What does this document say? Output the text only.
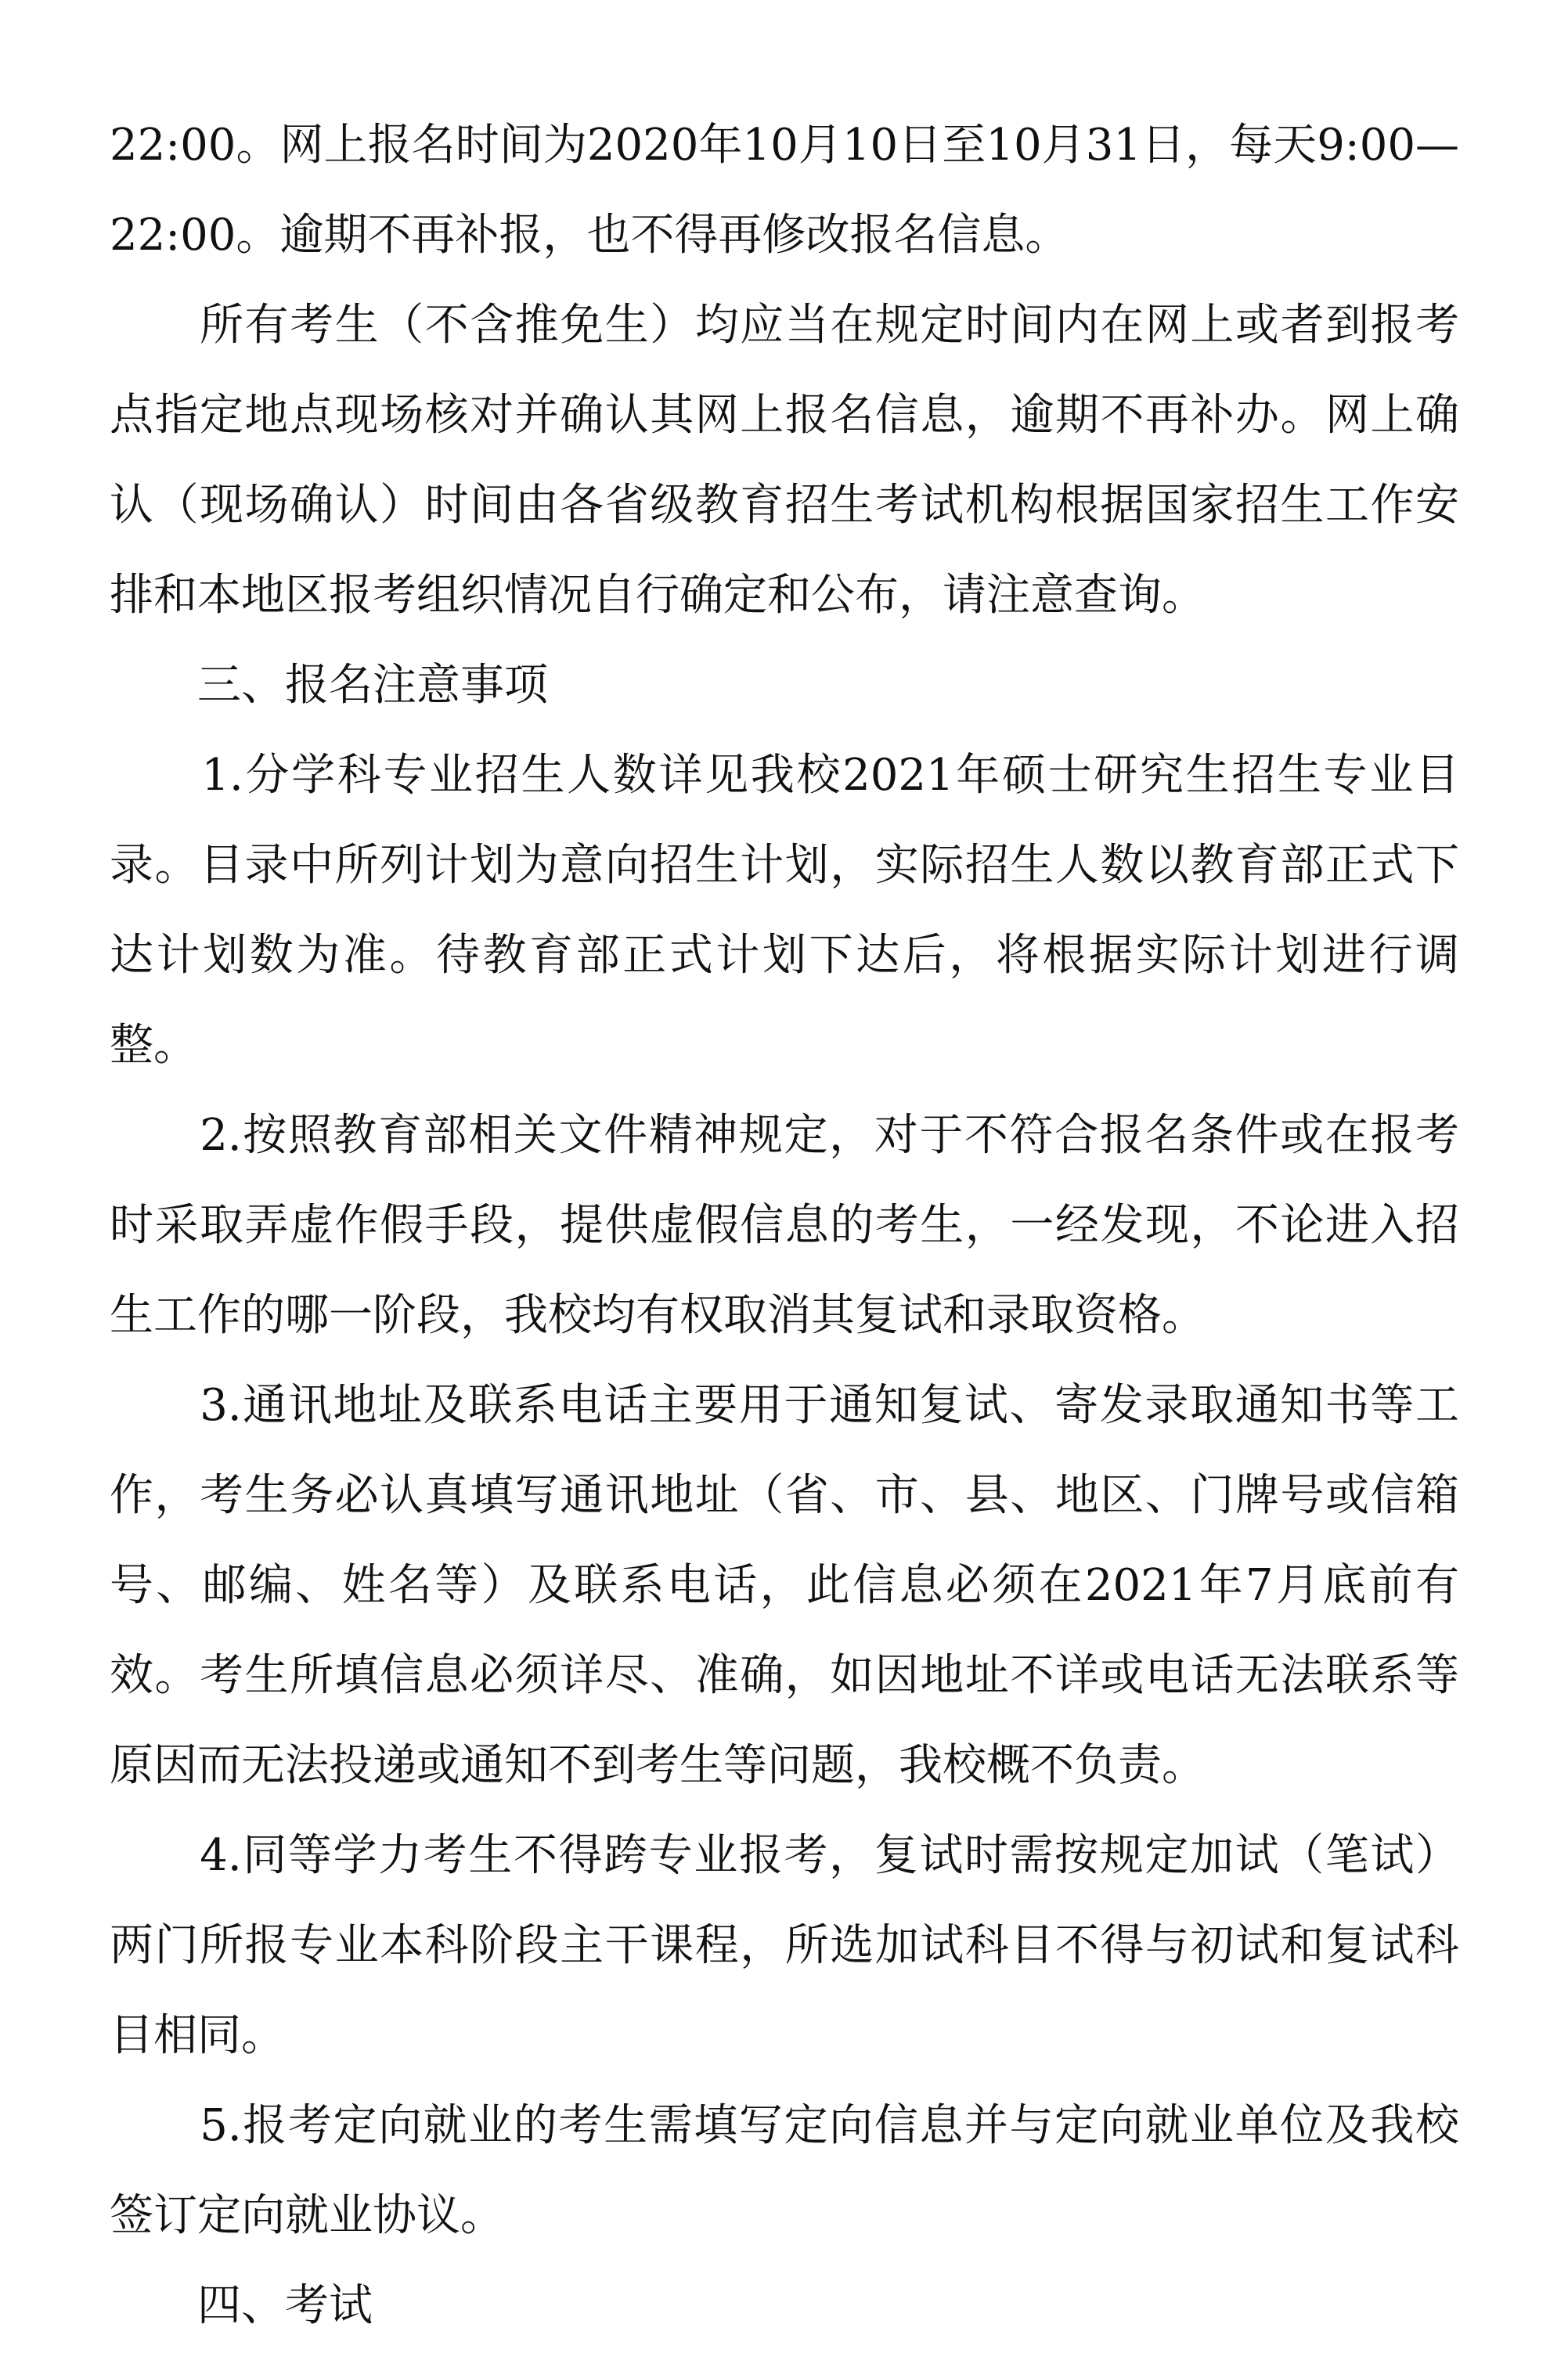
22:00。网上报名时间为2020年10月10日至10月31日，每天9:00—22:00。逾期不再补报，也不得再修改报名信息。

　　所有考生（不含推免生）均应当在规定时间内在网上或者到报考点指定地点现场核对并确认其网上报名信息，逾期不再补办。网上确认（现场确认）时间由各省级教育招生考试机构根据国家招生工作安排和本地区报考组织情况自行确定和公布，请注意查询。

　　三、报名注意事项

　　1.分学科专业招生人数详见我校2021年硕士研究生招生专业目录。目录中所列计划为意向招生计划，实际招生人数以教育部正式下达计划数为准。待教育部正式计划下达后，将根据实际计划进行调整。

　　2.按照教育部相关文件精神规定，对于不符合报名条件或在报考时采取弄虚作假手段，提供虚假信息的考生，一经发现，不论进入招生工作的哪一阶段，我校均有权取消其复试和录取资格。

　　3.通讯地址及联系电话主要用于通知复试、寄发录取通知书等工作，考生务必认真填写通讯地址（省、市、县、地区、门牌号或信箱号、邮编、姓名等）及联系电话，此信息必须在2021年7月底前有效。考生所填信息必须详尽、准确，如因地址不详或电话无法联系等原因而无法投递或通知不到考生等问题，我校概不负责。

　　4.同等学力考生不得跨专业报考，复试时需按规定加试（笔试）两门所报专业本科阶段主干课程，所选加试科目不得与初试和复试科目相同。

　　5.报考定向就业的考生需填写定向信息并与定向就业单位及我校签订定向就业协议。

　　四、考试
